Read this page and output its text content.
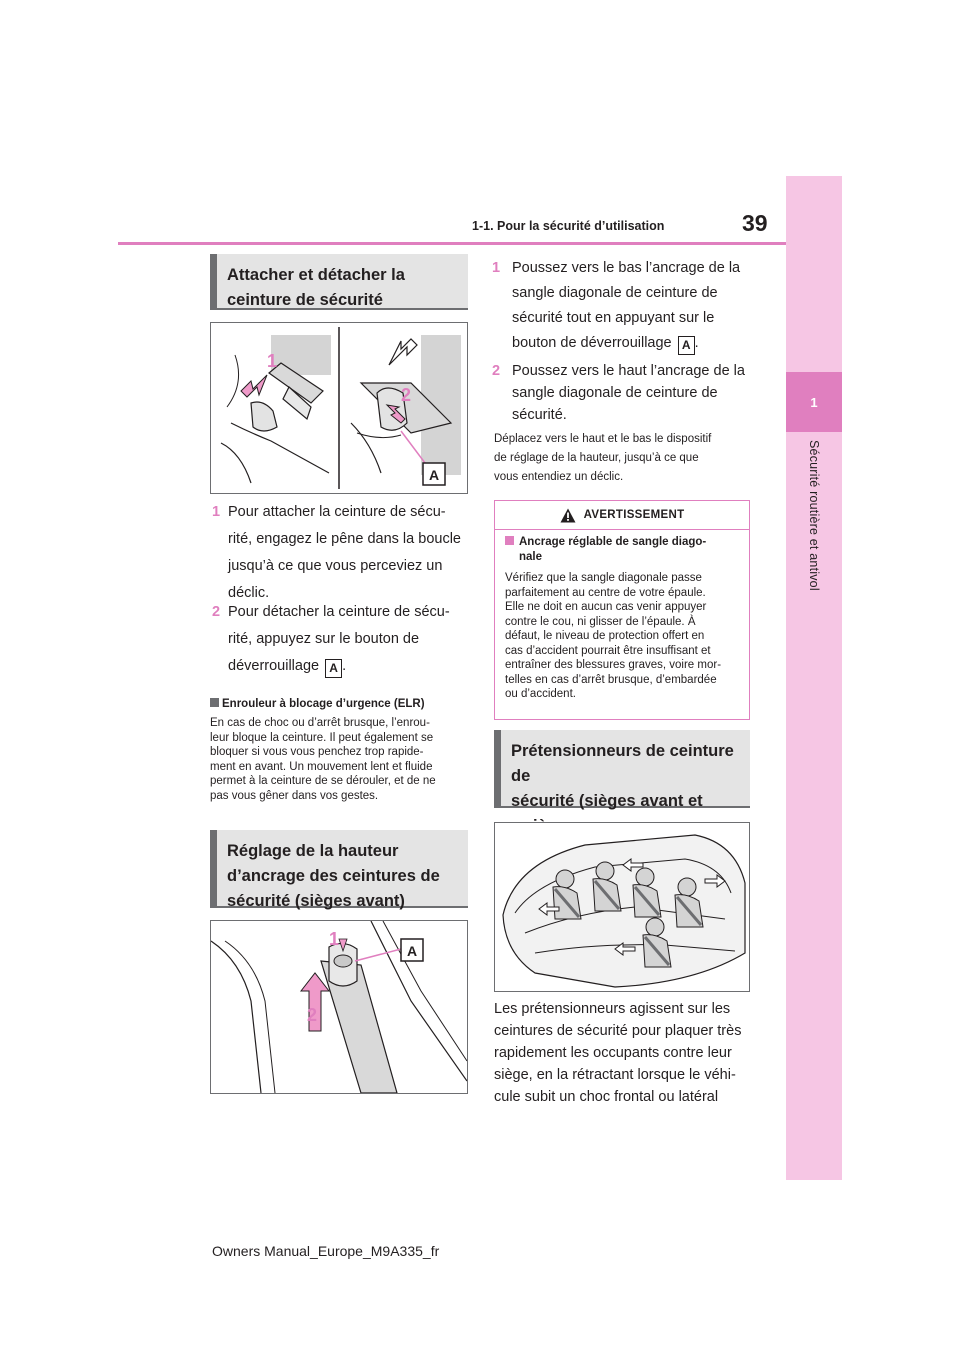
39
1-1. Pour la sécurité d’utilisation
1
Sécurité routière et antivol
Attacher et détacher la ceinture de sécurité
1
2
A
1 Pour attacher la ceinture de sécu-
rité, engagez le pêne dans la boucle
jusqu’à ce que vous perceviez un
déclic.
2 Pour détacher la ceinture de sécu-
rité, appuyez sur le bouton de
déverrouillage A .
Enrouleur à blocage d’urgence (ELR)
En cas de choc ou d’arrêt brusque, l’enrou-
leur bloque la ceinture. Il peut également se
bloquer si vous vous penchez trop rapide-
ment en avant. Un mouvement lent et fluide
permet à la ceinture de se dérouler, et de ne
pas vous gêner dans vos gestes.
Réglage de la hauteur
d’ancrage des ceintures de
sécurité (sièges avant)
1
2
A
1 Poussez vers le bas l’ancrage de la
sangle diagonale de ceinture de
sécurité tout en appuyant sur le
bouton de déverrouillage A .
2 Poussez vers le haut l’ancrage de la
sangle diagonale de ceinture de
sécurité.
Déplacez vers le haut et le bas le dispositif
de réglage de la hauteur, jusqu’à ce que
vous entendiez un déclic.
AVERTISSEMENT
Ancrage réglable de sangle diago-
nale
Vérifiez que la sangle diagonale passe
parfaitement au centre de votre épaule.
Elle ne doit en aucun cas venir appuyer
contre le cou, ni glisser de l’épaule. À
défaut, le niveau de protection offert en
cas d’accident pourrait être insuffisant et
entraîner des blessures graves, voire mor-
telles en cas d’arrêt brusque, d’embardée
ou d’accident.
Prétensionneurs de ceinture de
sécurité (sièges avant et
Les prétensionneurs agissent sur les
ceintures de sécurité pour plaquer très
rapidement les occupants contre leur
siège, en la rétractant lorsque le véhi-
cule subit un choc frontal ou latéral
Owners Manual_Europe_M9A335_fr
